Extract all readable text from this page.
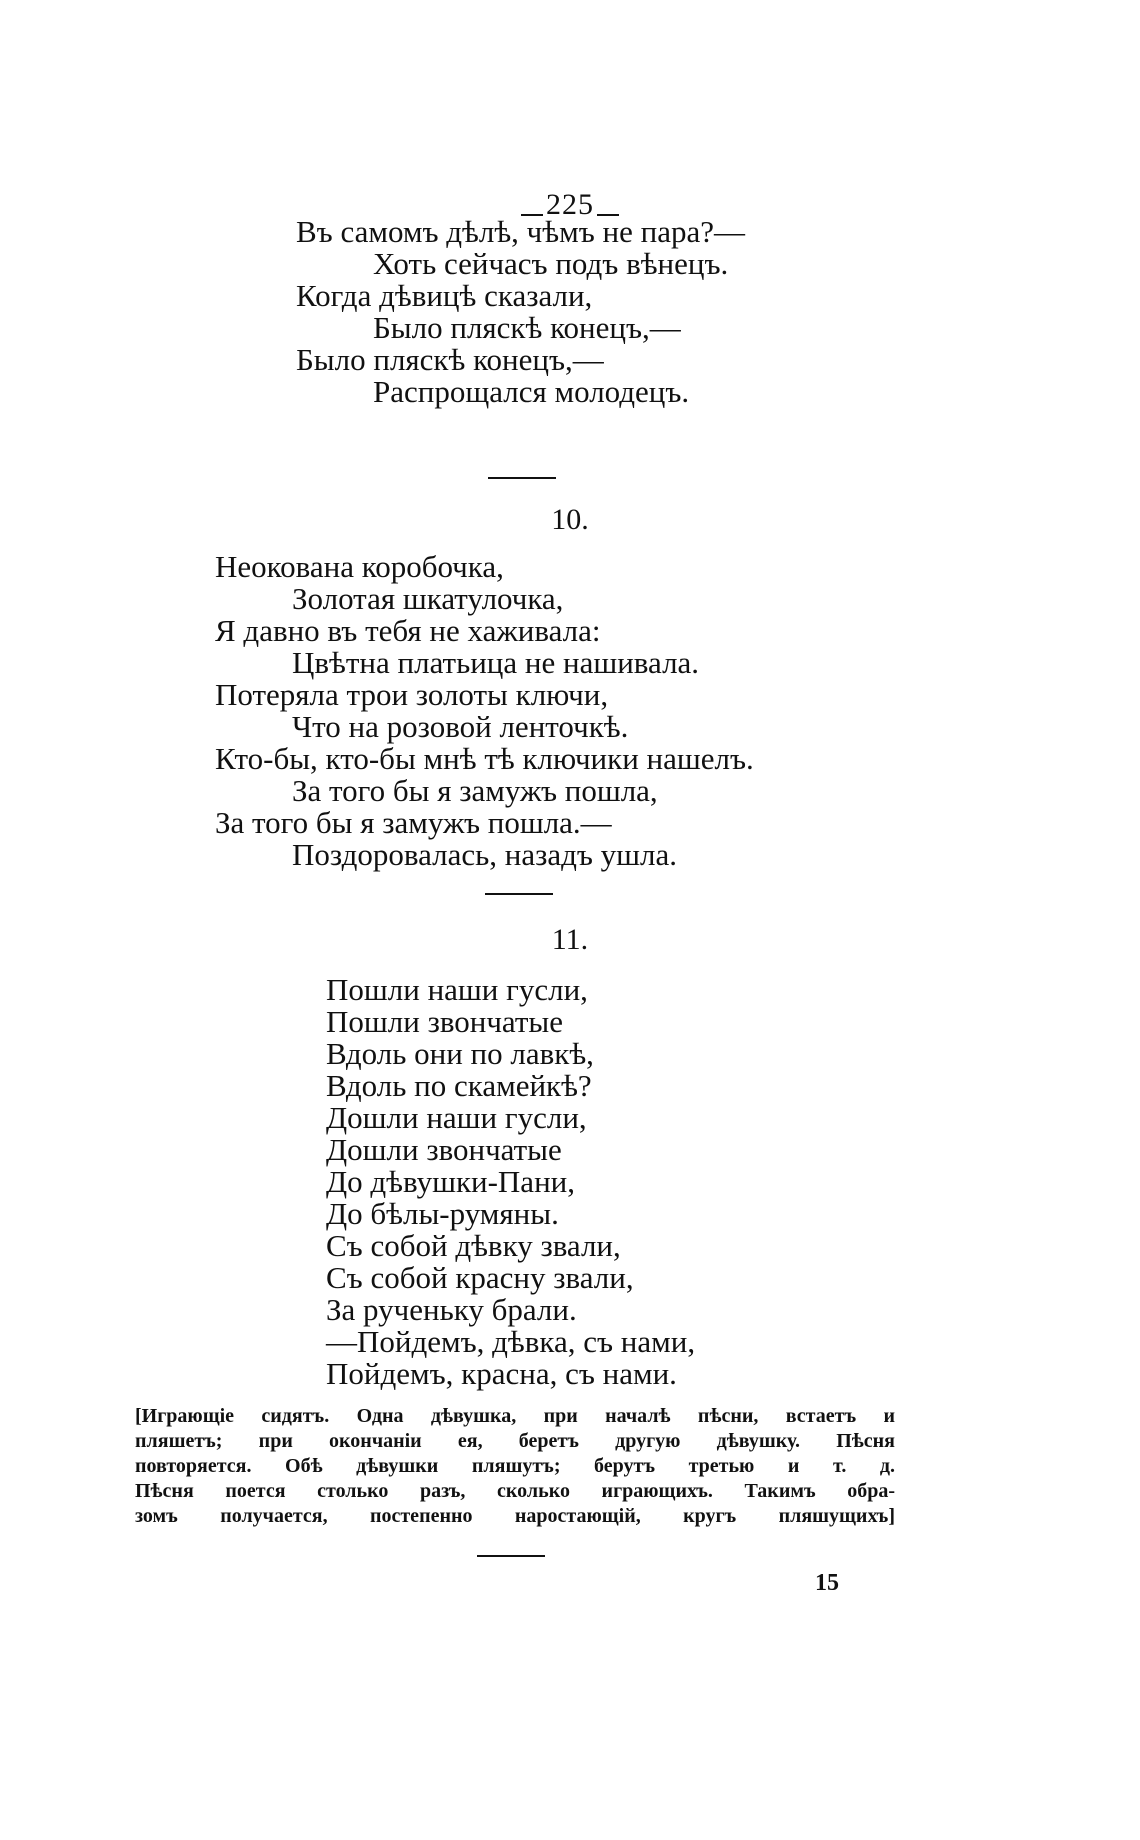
225
Въ самомъ дѣлѣ, чѣмъ не пара?—
Хоть сейчасъ подъ вѣнецъ.
Когда дѣвицѣ сказали,
Было пляскѣ конецъ,—
Было пляскѣ конецъ,—
Распрощался молодецъ.
10.
Неокована коробочка,
Золотая шкатулочка,
Я давно въ тебя не хаживала:
Цвѣтна платьица не нашивала.
Потеряла трои золоты ключи,
Что на розовой ленточкѣ.
Кто-бы, кто-бы мнѣ тѣ ключики нашелъ.
За того бы я замужъ пошла,
За того бы я замужъ пошла.—
Поздоровалась, назадъ ушла.
11.
Пошли наши гусли,
Пошли звончатые
Вдоль они по лавкѣ,
Вдоль по скамейкѣ?
Дошли наши гусли,
Дошли звончатые
До дѣвушки-Пани,
До бѣлы-румяны.
Съ собой дѣвку звали,
Съ собой красну звали,
За рученьку брали.
—Пойдемъ, дѣвка, съ нами,
Пойдемъ, красна, съ нами.
[Играющіе сидятъ. Одна дѣвушка, при началѣ пѣсни, встаетъ и
пляшетъ; при окончаніи ея, беретъ другую дѣвушку. Пѣсня
повторяется. Обѣ дѣвушки пляшутъ; берутъ третью и т. д.
Пѣсня поется столько разъ, сколько играющихъ. Такимъ обра-
зомъ получается, постепенно наростающій, кругъ пляшущихъ]
15
